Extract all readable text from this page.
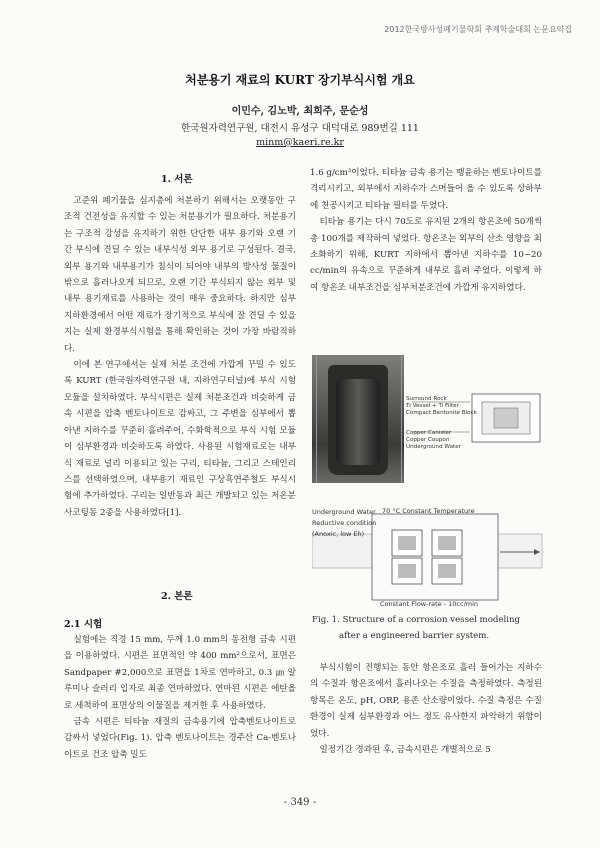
2012한국방사성폐기물학회 추계학술대회 논문요약집
처분용기 재료의 KURT 장기부식시험 개요
이민수, 김노박, 최희주, 문순성
한국원자력연구원, 대전시 유성구 대덕대로 989번길 111
minm@kaeri.re.kr
1. 서론

고준위 폐기물을 심지층에 처분하기 위해서는 오랫동안 구조적 건전성을 유지할 수 있는 처분용기가 필요하다. 처분용기는 구조적 강성을 유지하기 위한 단단한 내부 용기와 오랜 기간 부식에 견딜 수 있는 내부식성 외부 용기로 구성된다. 결국, 외부 용기와 내부용기가 침식이 되어야 내부의 방사성 물질이 밖으로 흘러나오게 되므로, 오랜 기간 부식되지 않는 외부 및 내부 용기재료를 사용하는 것이 매우 중요하다. 하지만 심부 지하환경에서 어떤 재료가 장기적으로 부식에 잘 견딜 수 있을 지는 실제 환경부식시험을 통해 확인하는 것이 가장 바람직하다.

이에 본 연구에서는 실제 처분 조건에 가깝게 꾸밀 수 있도록 KURT (한국원자력연구원 내, 지하연구터널)에 부식 시험 모듈을 설치하였다. 부식시편은 실제 처분조건과 비슷하게 금속 시편을 압축 벤토나이트로 감싸고, 그 주변을 심부에서 뽑아낸 지하수를 꾸준히 흘려주어, 수화학적으로 부식 시험 모듈이 심부환경과 비슷하도록 하였다. 사용된 시험재료로는 내부식 재료로 널리 이용되고 있는 구리, 티타늄, 그리고 스테인리스를 선택하였으며, 내부용기 재료인 구상흑연주철도 부식시험에 추가하였다. 구리는 일반동과 최근 개발되고 있는 저온분사코팅동 2종을 사용하였다[1].

2. 본론
2.1 시험

실험에는 직경 15 mm, 두께 1.0 mm의 동전형 금속 시편을 이용하였다. 시편은 표면적인 약 400 mm²으로서, 표면은 Sandpaper #2,000으로 표면을 1차로 연마하고, 0.3 ㎛ 알루미나 슬러리 입자로 최종 연마하였다. 연마된 시편은 에탄올로 세척하여 표면상의 이물질을 제거한 후 사용하였다.

금속 시편은 티타늄 재질의 금속용기에 압축벤토나이트로 감싸서 넣었다(Fig. 1). 압축 벤토나이트는 경주산 Ca-벤토나이트로 건조 압축 밀도

1.6 g/cm³이었다. 티타늄 금속 용기는 팽윤하는 벤토나이트를 격리시키고, 외부에서 지하수가 스며들어 올 수 있도록 상하부에 천공시키고 티타늄 필터를 두었다.

티타늄 용기는 다시 70도로 유지된 2개의 항온조에 50개씩 총 100개를 제작하여 넣었다. 항온조는 외부의 산소 영향을 최소화하기 위해, KURT 지하에서 뽑아낸 지하수를 10~20 cc/min의 유속으로 꾸준하게 내부로 흘려 주었다. 이렇게 하여 항온조 내부조건을 심부처분조건에 가깝게 유지하였다.

Surround Rock
Ti Vessel + Ti Filter
Compact Bentonite Block
Copper Canister
Copper Coupon
Underground Water
Underground Water
Reductive condition
(Anoxic, low Eh)
70 °C Constant Temperature
Constant Flow-rate - 10cc/min
Fig. 1. Structure of a corrosion vessel modeling
after a engineered barrier system.

부식시험이 진행되는 동안 항온조로 흘러 들어가는 지하수의 수질과 항온조에서 흘러나오는 수질을 측정하였다. 측정된 항목은 온도, pH, ORP, 용존 산소량이었다. 수질 측정은 수질 환경이 실제 심부환경과 어느 정도 유사한지 파악하기 위함이었다.

일정기간 경과된 후, 금속시편은 개별적으로 5

- 349 -
